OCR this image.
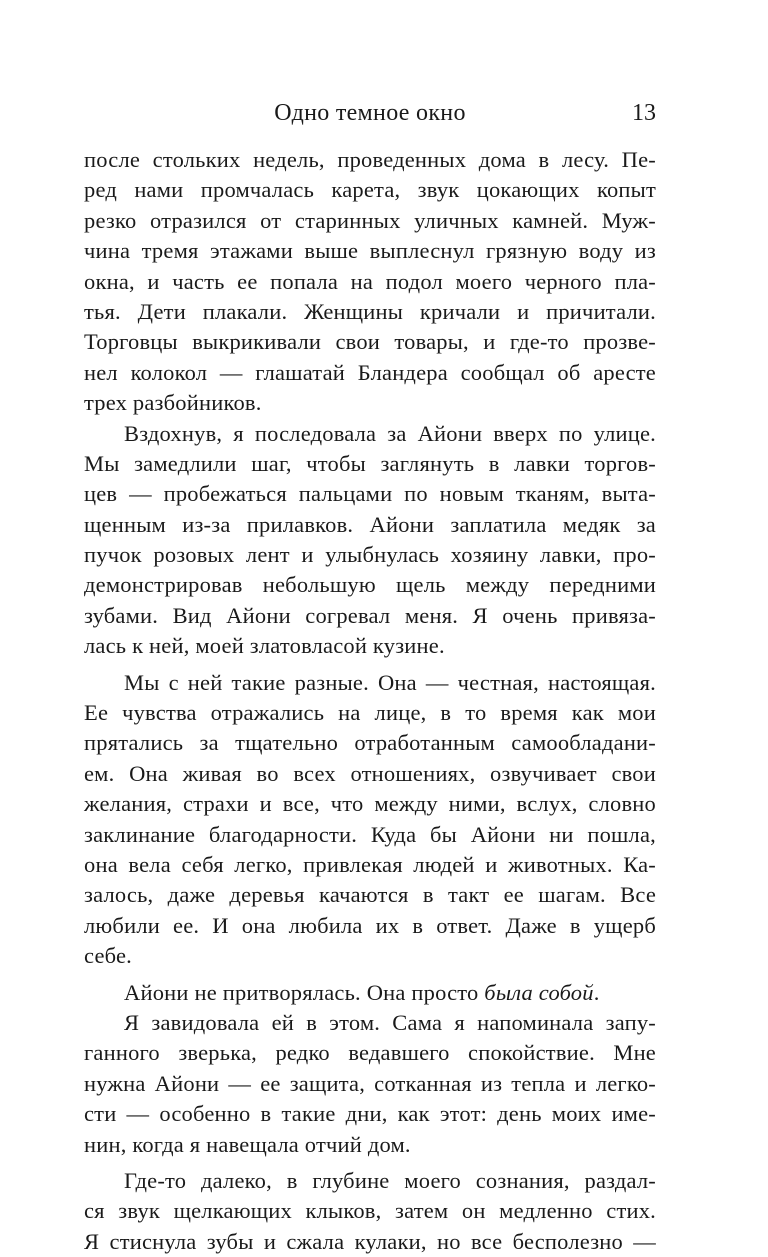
Одно темное окно	13
после стольких недель, проведенных дома в лесу. Пе-
ред нами промчалась карета, звук цокающих копыт
резко отразился от старинных уличных камней. Муж-
чина тремя этажами выше выплеснул грязную воду из
окна, и часть ее попала на подол моего черного пла-
тья. Дети плакали. Женщины кричали и причитали.
Торговцы выкрикивали свои товары, и где-то прозве-
нел колокол — глашатай Бландера сообщал об аресте
трех разбойников.
Вздохнув, я последовала за Айони вверх по улице.
Мы замедлили шаг, чтобы заглянуть в лавки торгов-
цев — пробежаться пальцами по новым тканям, выта-
щенным из-за прилавков. Айони заплатила медяк за
пучок розовых лент и улыбнулась хозяину лавки, про-
демонстрировав небольшую щель между передними
зубами. Вид Айони согревал меня. Я очень привяза-
лась к ней, моей златовласой кузине.
Мы с ней такие разные. Она — честная, настоящая.
Ее чувства отражались на лице, в то время как мои
прятались за тщательно отработанным самообладани-
ем. Она живая во всех отношениях, озвучивает свои
желания, страхи и все, что между ними, вслух, словно
заклинание благодарности. Куда бы Айони ни пошла,
она вела себя легко, привлекая людей и животных. Ка-
залось, даже деревья качаются в такт ее шагам. Все
любили ее. И она любила их в ответ. Даже в ущерб
себе.
Айони не притворялась. Она просто была собой.
Я завидовала ей в этом. Сама я напоминала запу-
ганного зверька, редко ведавшего спокойствие. Мне
нужна Айони — ее защита, сотканная из тепла и легко-
сти — особенно в такие дни, как этот: день моих име-
нин, когда я навещала отчий дом.
Где-то далеко, в глубине моего сознания, раздал-
ся звук щелкающих клыков, затем он медленно стих.
Я стиснула зубы и сжала кулаки, но все бесполезно —
